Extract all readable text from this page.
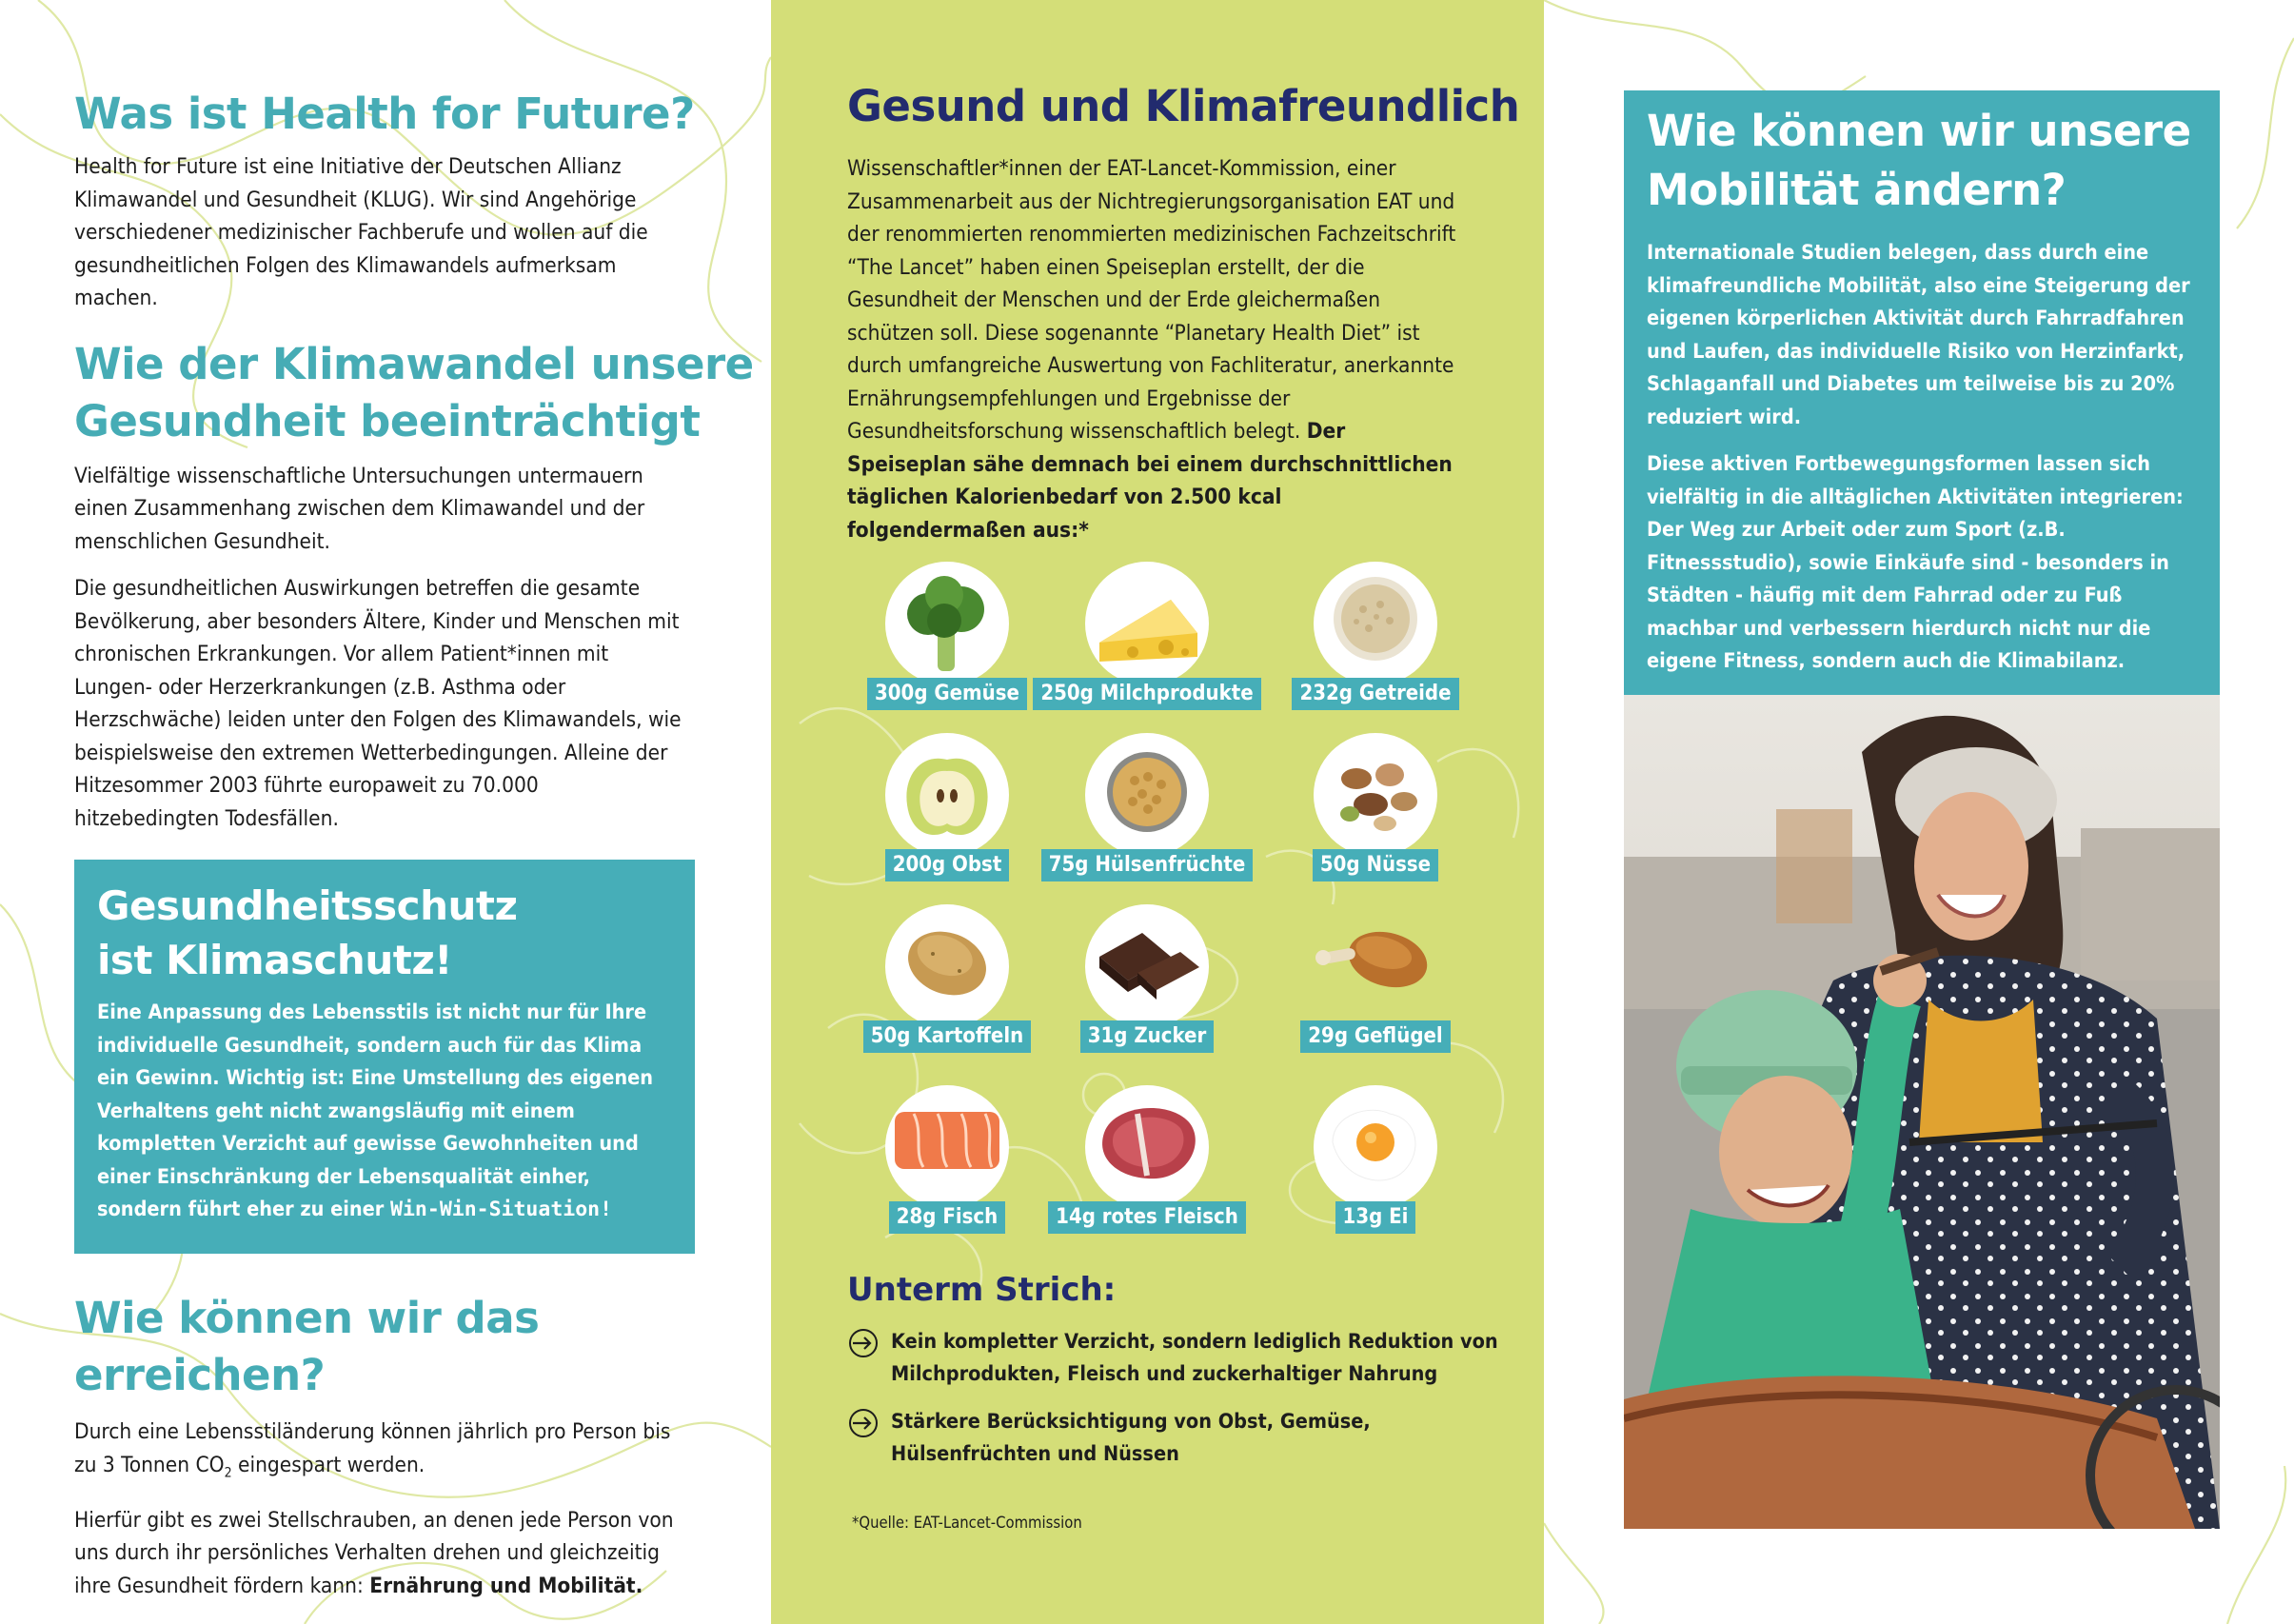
Was ist Health for Future?

Health for Future ist eine Initiative der Deutschen Allianz Klimawandel und Gesundheit (KLUG). Wir sind Angehörige verschiedener medizinischer Fachberufe und wollen auf die gesundheitlichen Folgen des Klimawandels aufmerksam machen.

Wie der Klimawandel unsere
Gesundheit beeinträchtigt

Vielfältige wissenschaftliche Untersuchungen untermauern einen Zusammenhang zwischen dem Klimawandel und der menschlichen Gesundheit.

Die gesundheitlichen Auswirkungen betreffen die gesamte Bevölkerung, aber besonders Ältere, Kinder und Menschen mit chronischen Erkrankungen. Vor allem Patient*innen mit Lungen- oder Herzerkrankungen (z.B. Asthma oder Herzschwäche) leiden unter den Folgen des Klimawandels, wie beispielsweise den extremen Wetterbedingungen. Alleine der Hitzesommer 2003 führte europaweit zu 70.000 hitzebedingten Todesfällen.

Gesundheitsschutz
ist Klimaschutz!

Eine Anpassung des Lebensstils ist nicht nur für Ihre individuelle Gesundheit, sondern auch für das Klima ein Gewinn. Wichtig ist: Eine Umstellung des eigenen Verhaltens geht nicht zwangsläufig mit einem kompletten Verzicht auf gewisse Gewohnheiten und einer Einschränkung der Lebensqualität einher, sondern führt eher zu einer Win-Win-Situation!

Wie können wir das erreichen?

Durch eine Lebensstiländerung können jährlich pro Person bis zu 3 Tonnen $CO_2$ eingespart werden.

Hierfür gibt es zwei Stellschrauben, an denen jede Person von uns durch ihr persönliches Verhalten drehen und gleichzeitig ihre Gesundheit fördern kann: Ernährung und Mobilität.

Gesund und Klimafreundlich

Wissenschaftler*innen der EAT-Lancet-Kommission, einer Zusammenarbeit aus der Nichtregierungsorganisation EAT und der renommierten renommierten medizinischen Fachzeitschrift “The Lancet” haben einen Speiseplan erstellt, der die Gesundheit der Menschen und der Erde gleichermaßen schützen soll. Diese sogenannte “Planetary Health Diet” ist durch umfangreiche Auswertung von Fachliteratur, anerkannte Ernährungsempfehlungen und Ergebnisse der Gesundheitsforschung wissenschaftlich belegt. Der Speiseplan sähe demnach bei einem durchschnittlichen täglichen Kalorienbedarf von 2.500 kcal folgendermaßen aus:*

300g Gemüse	250g Milchprodukte	232g Getreide
200g Obst	75g Hülsenfrüchte	50g Nüsse
50g Kartoffeln	31g Zucker	29g Geflügel
28g Fisch	14g rotes Fleisch	13g Ei
Unterm Strich:
Kein kompletter Verzicht, sondern lediglich Reduktion von Milchprodukten, Fleisch und zuckerhaltiger Nahrung
Stärkere Berücksichtigung von Obst, Gemüse, Hülsenfrüchten und Nüssen
*Quelle: EAT-Lancet-Commission
Wie können wir unsere
Mobilität ändern?

Internationale Studien belegen, dass durch eine klimafreundliche Mobilität, also eine Steigerung der eigenen körperlichen Aktivität durch Fahrradfahren und Laufen, das individuelle Risiko von Herzinfarkt, Schlaganfall und Diabetes um teilweise bis zu 20% reduziert wird.

Diese aktiven Fortbewegungsformen lassen sich vielfältig in die alltäglichen Aktivitäten integrieren: Der Weg zur Arbeit oder zum Sport (z.B. Fitnessstudio), sowie Einkäufe sind - besonders in Städten - häufig mit dem Fahrrad oder zu Fuß machbar und verbessern hierdurch nicht nur die eigene Fitness, sondern auch die Klimabilanz.
